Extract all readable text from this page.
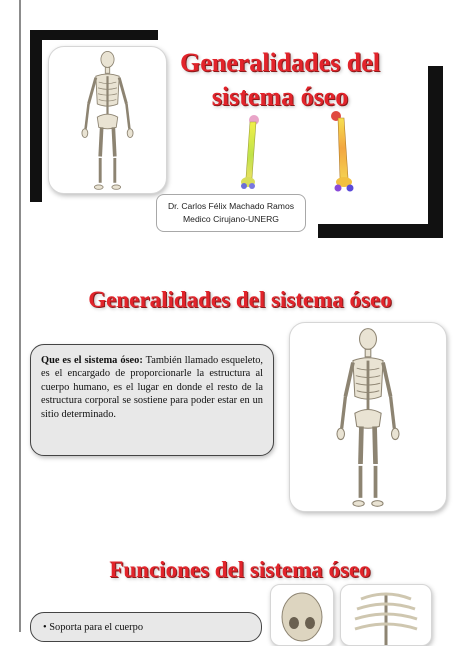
Generalidades del
sistema óseo
Dr. Carlos Félix Machado Ramos
Medico Cirujano-UNERG
Generalidades del sistema óseo
Que es el sistema óseo: También llamado esqueleto, es el encargado de proporcionarle la estructura al cuerpo humano, es el lugar en donde el resto de la estructura corporal se sostiene para poder estar en un sitio determinado.
Funciones del sistema óseo
• Soporta para el cuerpo
